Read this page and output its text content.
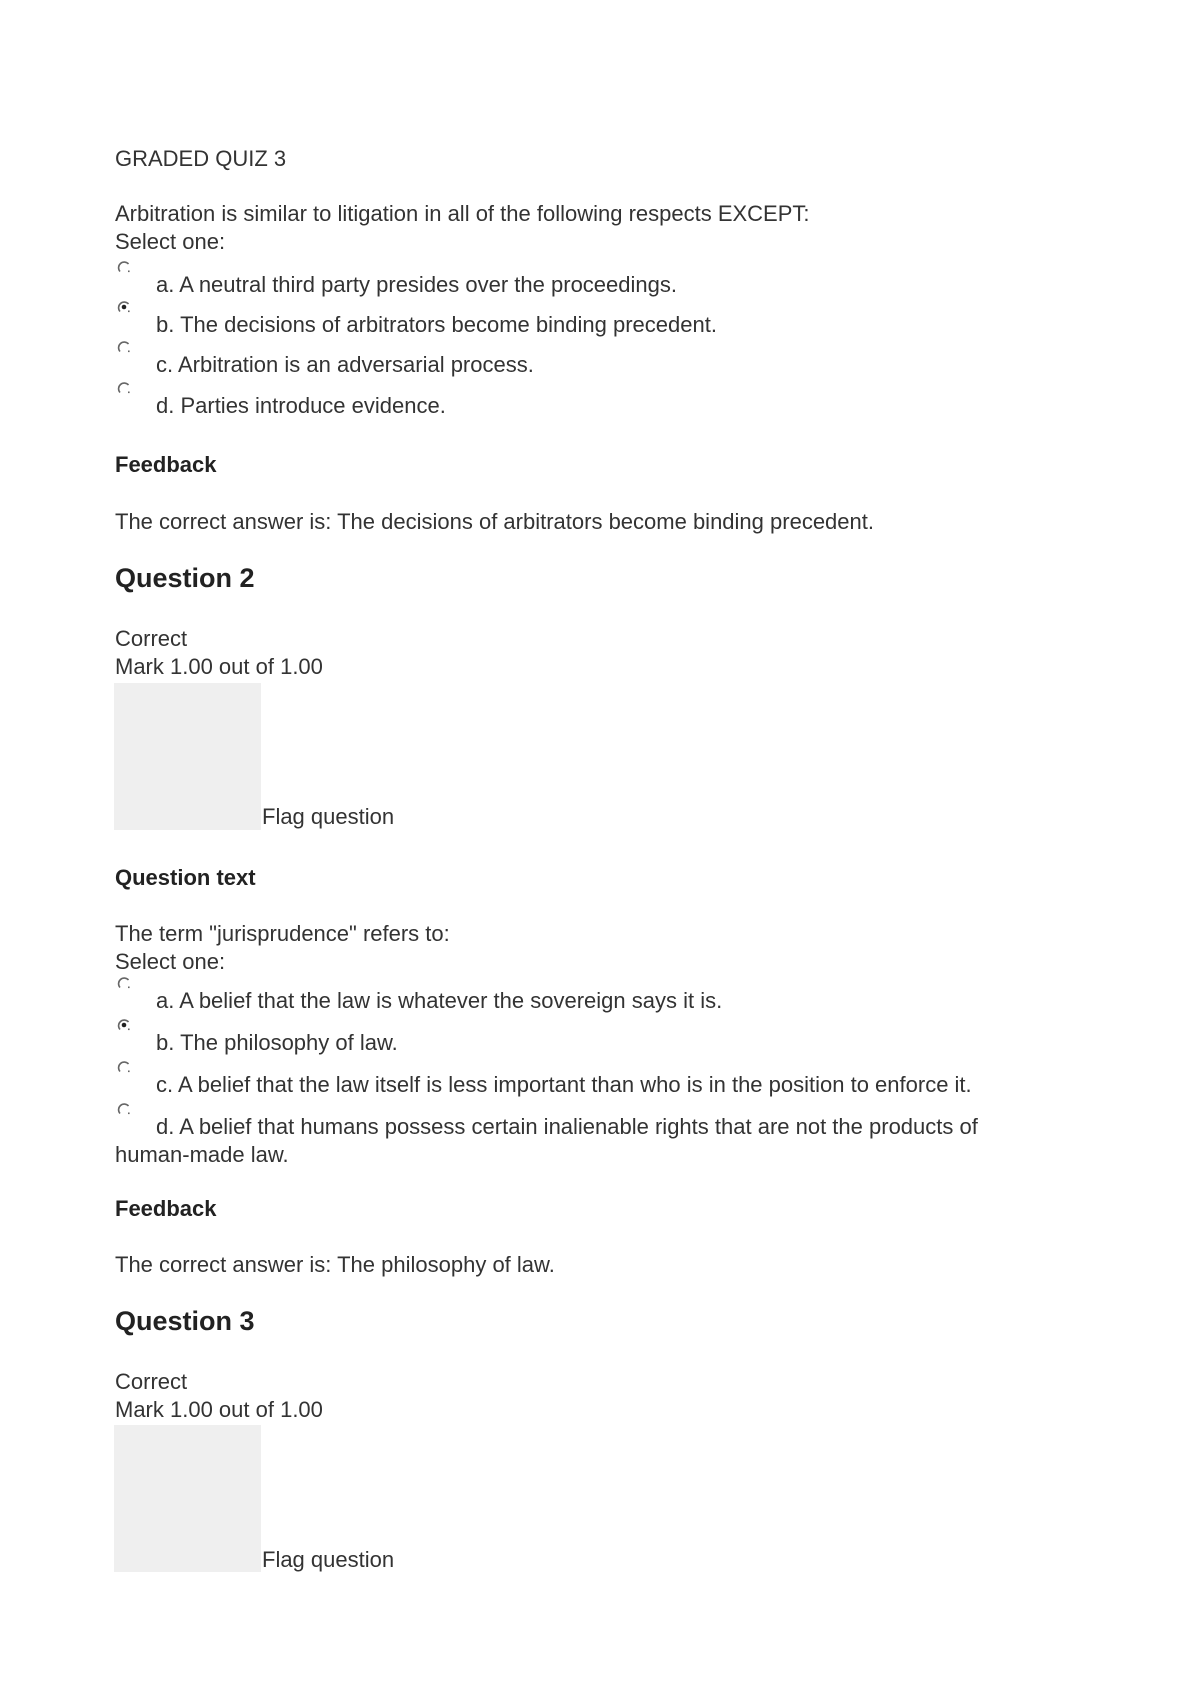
GRADED QUIZ 3
Arbitration is similar to litigation in all of the following respects EXCEPT:
Select one:
a. A neutral third party presides over the proceedings.
b. The decisions of arbitrators become binding precedent.
c. Arbitration is an adversarial process.
d. Parties introduce evidence.
Feedback
The correct answer is: The decisions of arbitrators become binding precedent.
Question 2
Correct
Mark 1.00 out of 1.00
Flag question
Question text
The term "jurisprudence" refers to:
Select one:
a. A belief that the law is whatever the sovereign says it is.
b. The philosophy of law.
c. A belief that the law itself is less important than who is in the position to enforce it.
d. A belief that humans possess certain inalienable rights that are not the products of human-made law.
Feedback
The correct answer is: The philosophy of law.
Question 3
Correct
Mark 1.00 out of 1.00
Flag question
